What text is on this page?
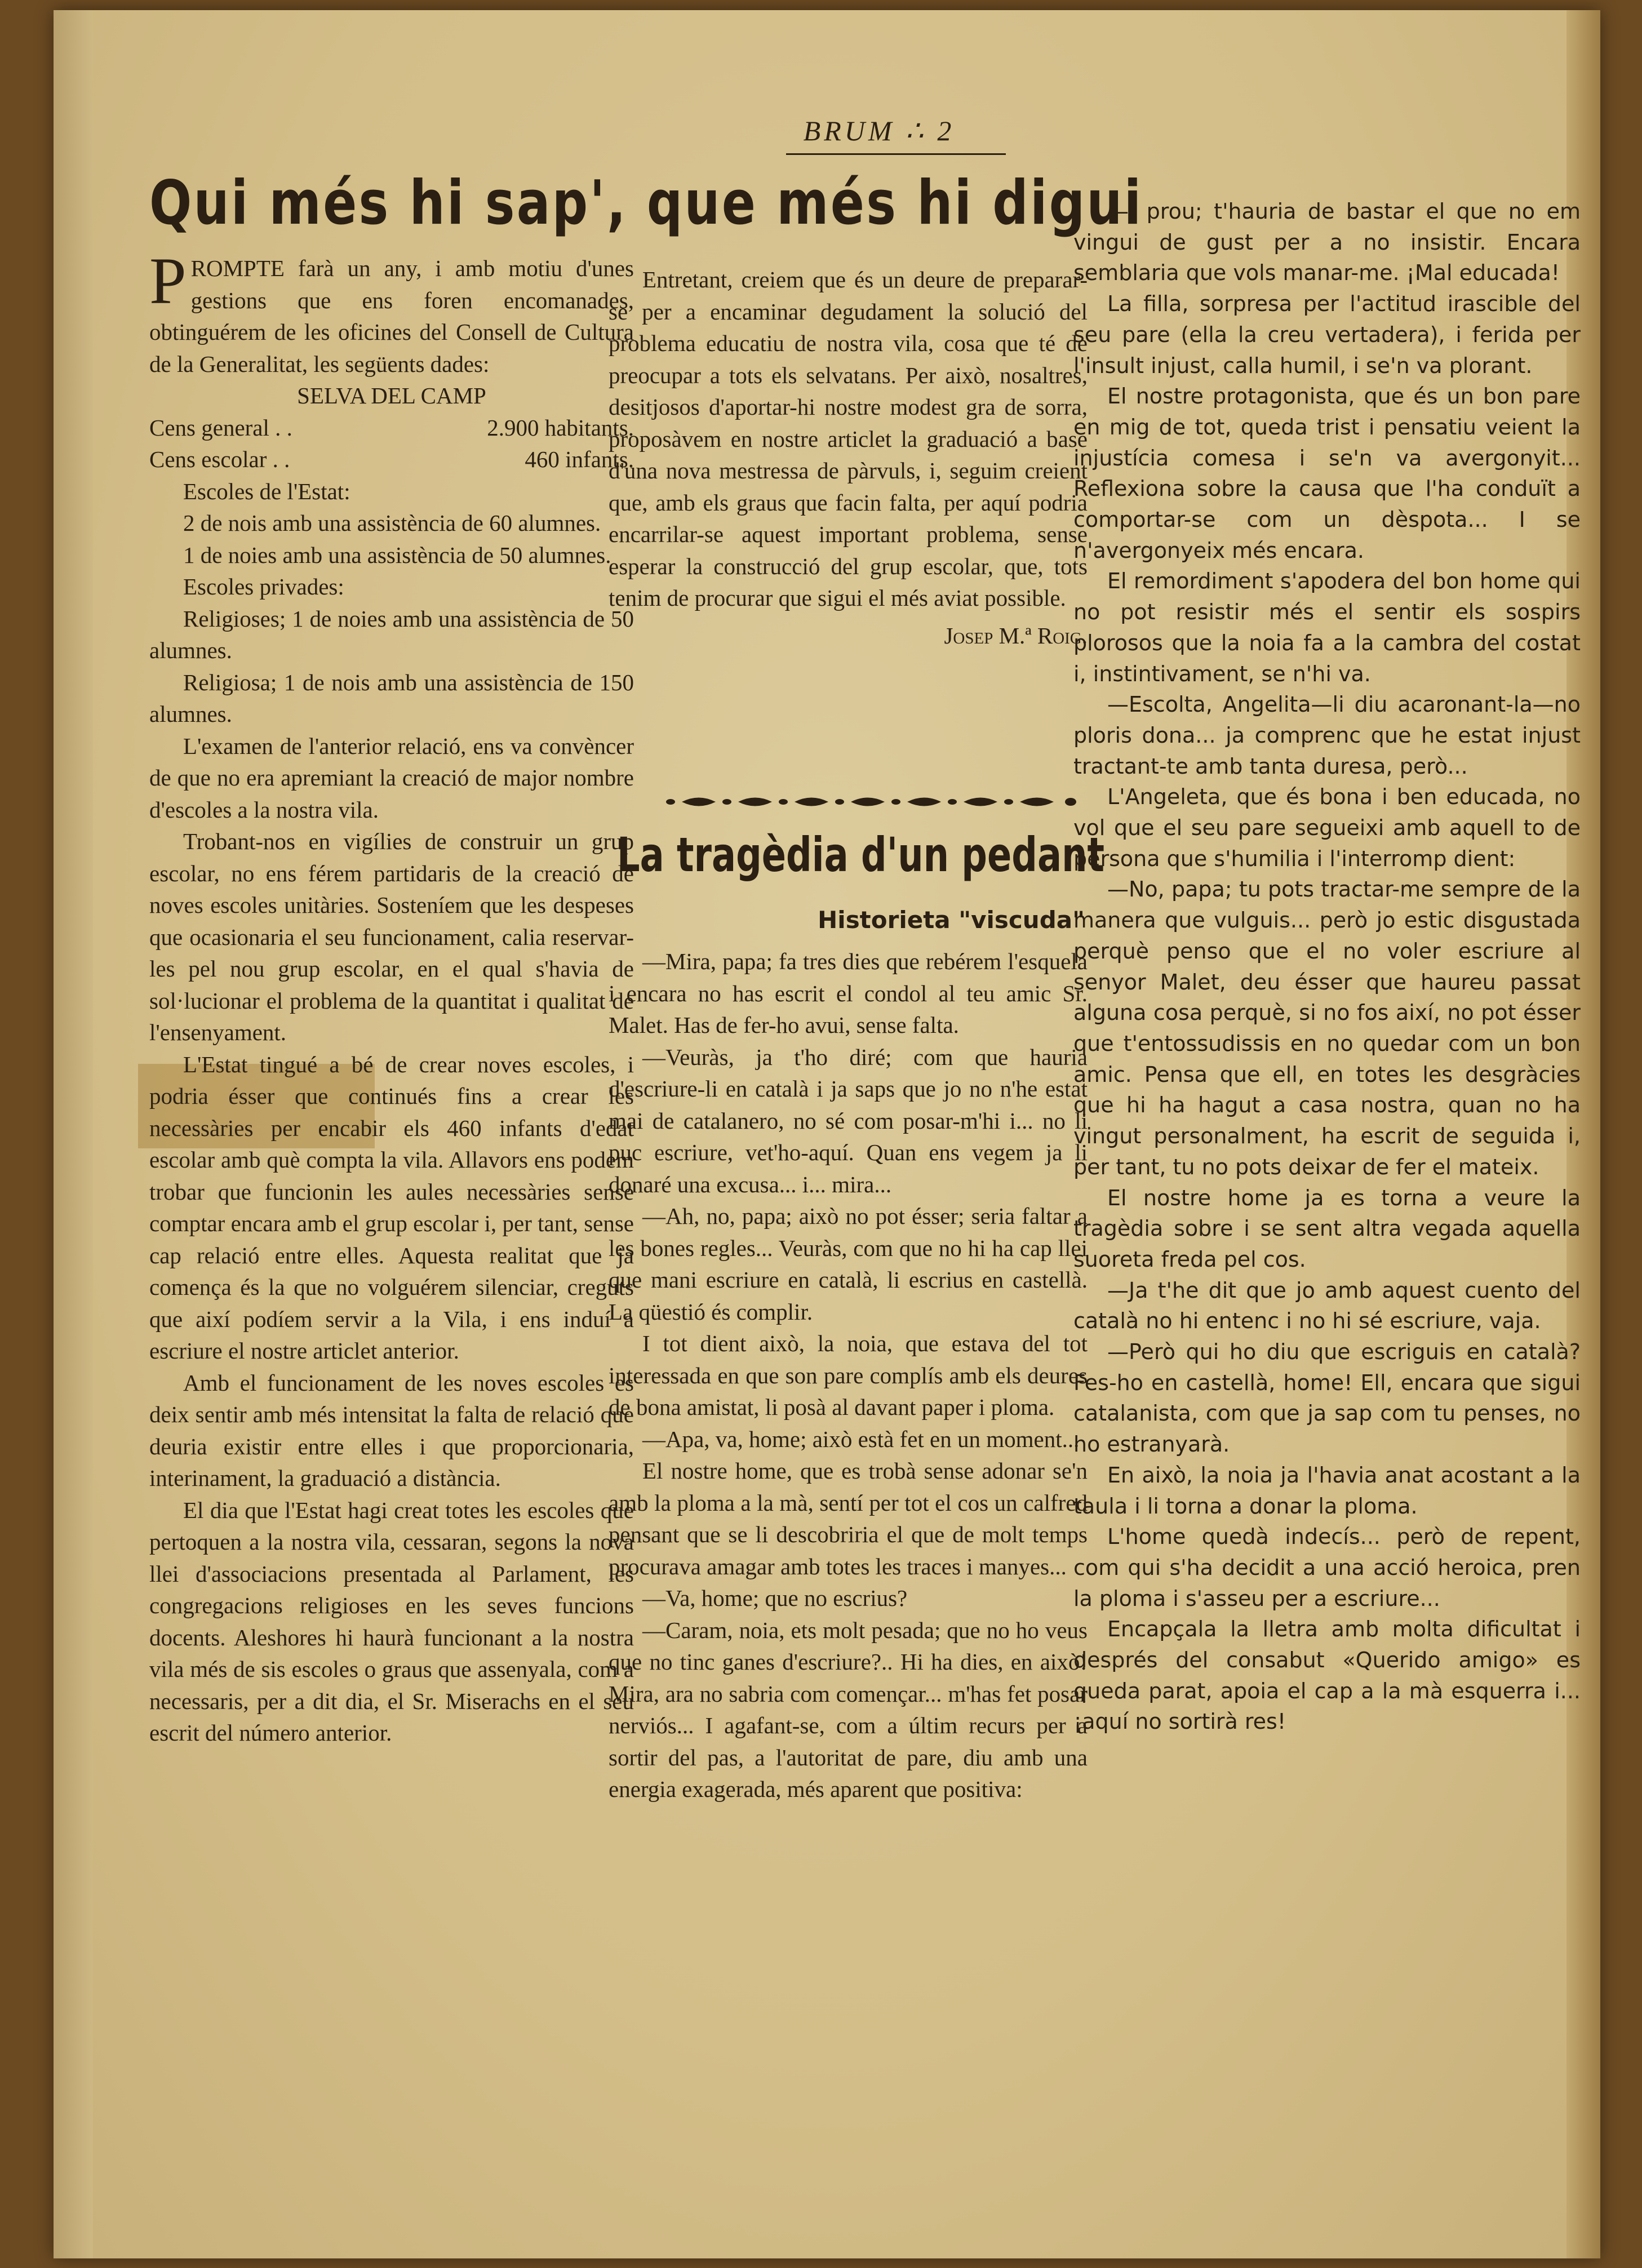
BRUM ∴ 2
Qui més hi sap', que més hi digui

PROMPTE farà un any, i amb motiu d'unes gestions que ens foren encomanades, obtinguérem de les oficines del Consell de Cultura de la Generalitat, les següents dades:

SELVA DEL CAMP

Cens general . .	2.900 habitants.

Cens escolar . .	460 infants.

Escoles de l'Estat:

2 de nois amb una assistència de 60 alumnes.

1 de noies amb una assistència de 50 alumnes.

Escoles privades:

Religioses; 1 de noies amb una assistència de 50 alumnes.

Religiosa; 1 de nois amb una assistència de 150 alumnes.

L'examen de l'anterior relació, ens va convèncer de que no era apremiant la creació de major nombre d'escoles a la nostra vila.

Trobant-nos en vigílies de construir un grup escolar, no ens férem partidaris de la creació de noves escoles unitàries. Sosteníem que les despeses que ocasionaria el seu funcionament, calia reservar-les pel nou grup escolar, en el qual s'havia de sol·lucionar el problema de la quantitat i qualitat de l'ensenyament.

L'Estat tingué a bé de crear noves escoles, i podria ésser que continués fins a crear les necessàries per encabir els 460 infants d'edat escolar amb què compta la vila. Allavors ens podem trobar que funcionin les aules necessàries sense comptar encara amb el grup escolar i, per tant, sense cap relació entre elles. Aquesta realitat que ja comença és la que no volguérem silenciar, creguts que així podíem servir a la Vila, i ens induí a escriure el nostre articlet anterior.

Amb el funcionament de les noves escoles es deix sentir amb més intensitat la falta de relació que deuria existir entre elles i que proporcionaria, interinament, la graduació a distància.

El dia que l'Estat hagi creat totes les escoles que pertoquen a la nostra vila, cessaran, segons la nova llei d'associacions presentada al Parlament, les congregacions religioses en les seves funcions docents. Aleshores hi haurà funcionant a la nostra vila més de sis escoles o graus que assenyala, com a necessaris, per a dit dia, el Sr. Miserachs en el seu escrit del número anterior.

Entretant, creiem que és un deure de preparar-se per a encaminar degudament la solució del problema educatiu de nostra vila, cosa que té de preocupar a tots els selvatans. Per això, nosaltres, desitjosos d'aportar-hi nostre modest gra de sorra, proposàvem en nostre articlet la graduació a base d'una nova mestressa de pàrvuls, i, seguim creient que, amb els graus que facin falta, per aquí podria encarrilar-se aquest important problema, sense esperar la construcció del grup escolar, que, tots tenim de procurar que sigui el més aviat possible.

Josep M.ª Roig.

La tragèdia d'un pedant
Historieta "viscuda"

—Mira, papa; fa tres dies que rebérem l'esquela i encara no has escrit el condol al teu amic Sr. Malet. Has de fer-ho avui, sense falta.

—Veuràs, ja t'ho diré; com que hauria d'escriure-li en català i ja saps que jo no n'he estat mai de catalanero, no sé com posar-m'hi i... no li puc escriure, vet'ho-aquí. Quan ens vegem ja li donaré una excusa... i... mira...

—Ah, no, papa; això no pot ésser; seria faltar a les bones regles... Veuràs, com que no hi ha cap llei que mani escriure en català, li escrius en castellà. La qüestió és complir.

I tot dient això, la noia, que estava del tot interessada en que son pare complís amb els deures de bona amistat, li posà al davant paper i ploma.

—Apa, va, home; això està fet en un moment...

El nostre home, que es trobà sense adonar se'n amb la ploma a la mà, sentí per tot el cos un calfred pensant que se li descobriria el que de molt temps procurava amagar amb totes les traces i manyes...

—Va, home; que no escrius?

—Caram, noia, ets molt pesada; que no ho veus que no tinc ganes d'escriure?.. Hi ha dies, en això! Mira, ara no sabria com començar... m'has fet posar nerviós... I agafant-se, com a últim recurs per a sortir del pas, a l'autoritat de pare, diu amb una energia exagerada, més aparent que positiva:

—I prou; t'hauria de bastar el que no em vingui de gust per a no insistir. Encara semblaria que vols manar-me. ¡Mal educada!

La filla, sorpresa per l'actitud irascible del seu pare (ella la creu vertadera), i ferida per l'insult injust, calla humil, i se'n va plorant.

El nostre protagonista, que és un bon pare en mig de tot, queda trist i pensatiu veient la injustícia comesa i se'n va avergonyit... Reflexiona sobre la causa que l'ha conduït a comportar-se com un dèspota... I se n'avergonyeix més encara.

El remordiment s'apodera del bon home qui no pot resistir més el sentir els sospirs plorosos que la noia fa a la cambra del costat i, instintivament, se n'hi va.

—Escolta, Angelita—li diu acaronant-la—no ploris dona... ja comprenc que he estat injust tractant-te amb tanta duresa, però...

L'Angeleta, que és bona i ben educada, no vol que el seu pare segueixi amb aquell to de persona que s'humilia i l'interromp dient:

—No, papa; tu pots tractar-me sempre de la manera que vulguis... però jo estic disgustada perquè penso que el no voler escriure al senyor Malet, deu ésser que haureu passat alguna cosa perquè, si no fos així, no pot ésser que t'entossudissis en no quedar com un bon amic. Pensa que ell, en totes les desgràcies que hi ha hagut a casa nostra, quan no ha vingut personalment, ha escrit de seguida i, per tant, tu no pots deixar de fer el mateix.

El nostre home ja es torna a veure la tragèdia sobre i se sent altra vegada aquella suoreta freda pel cos.

—Ja t'he dit que jo amb aquest cuento del català no hi entenc i no hi sé escriure, vaja.

—Però qui ho diu que escriguis en català? Fes-ho en castellà, home! Ell, encara que sigui catalanista, com que ja sap com tu penses, no ho estranyarà.

En això, la noia ja l'havia anat acostant a la taula i li torna a donar la ploma.

L'home quedà indecís... però de repent, com qui s'ha decidit a una acció heroica, pren la ploma i s'asseu per a escriure...

Encapçala la lletra amb molta dificultat i després del consabut «Querido amigo» es queda parat, apoia el cap a la mà esquerra i... ¡aquí no sortirà res!
